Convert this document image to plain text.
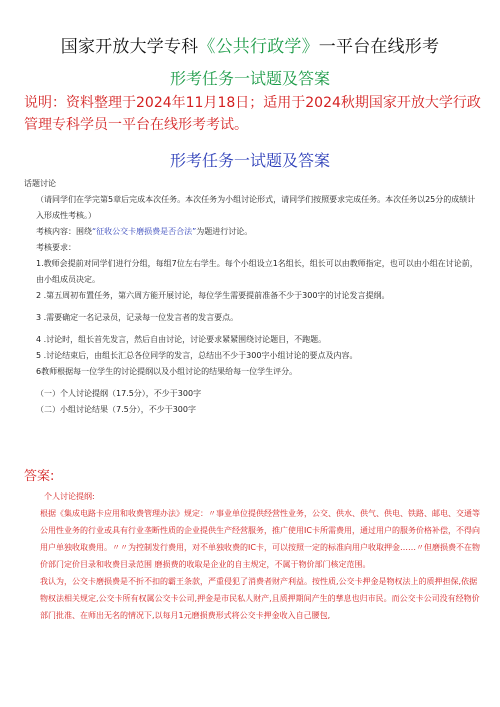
国家开放大学专科《公共行政学》一平台在线形考
形考任务一试题及答案
说明：资料整理于2024年11月18日；适用于2024秋期国家开放大学行政管理专科学员一平台在线形考考试。
形考任务一试题及答案

话题讨论

（请同学们在学完第5章后完成本次任务。本次任务为小组讨论形式，请同学们按照要求完成任务。本次任务以25分的成绩计入形成性考核。）

考核内容：围绕“征收公交卡磨损费是否合法”为题进行讨论。

考核要求：

1.教师会提前对同学们进行分组，每组7位左右学生。每个小组设立1名组长，组长可以由教师指定，也可以由小组在讨论前，由小组成员决定。

2 .第五周初布置任务，第六周方能开展讨论，每位学生需要提前准备不少于300字的讨论发言提纲。

3 .需要确定一名记录员，记录每一位发言者的发言要点。

4 .讨论时，组长首先发言，然后自由讨论，讨论要求紧紧围绕讨论题目，不跑题。

5 .讨论结束后，由组长汇总各位同学的发言，总结出不少于300字小组讨论的要点及内容。

6教师根据每一位学生的讨论提纲以及小组讨论的结果给每一位学生评分。

（一）个人讨论提纲（17.5分），不少于300字

（二）小组讨论结果（7.5分），不少于300字

答案:

个人讨论提纲:

根据《集成电路卡应用和收费管理办法》规定：〃事业单位提供经营性业务，公交、供水、供气、供电、铁路、邮电、交通等公用性业务的行业或具有行业垄断性质的企业提供生产经营服务，推广使用IC卡所需费用，通过用户的服务价格补偿，不得向用户单独收取费用。〃〃为控制发行费用，对不单独收费的IC卡，可以按照一定的标准向用户收取押金……〃但磨损费不在物价部门定价目录和收费目录范围 磨损费的收取是企业的自主规定，不属于物价部门核定范围。

我认为，公交卡磨损费是不折不扣的霸王条款，严重侵犯了消费者财产利益。按性质,公交卡押金是物权法上的质押担保,依据物权法相关规定,公交卡所有权属公交卡公司,押金是市民私人财产,且质押期间产生的孳息也归市民。而公交卡公司没有经物价部门批准、在师出无名的情况下,以每月1元磨损费形式将公交卡押金收入自己腰包,
